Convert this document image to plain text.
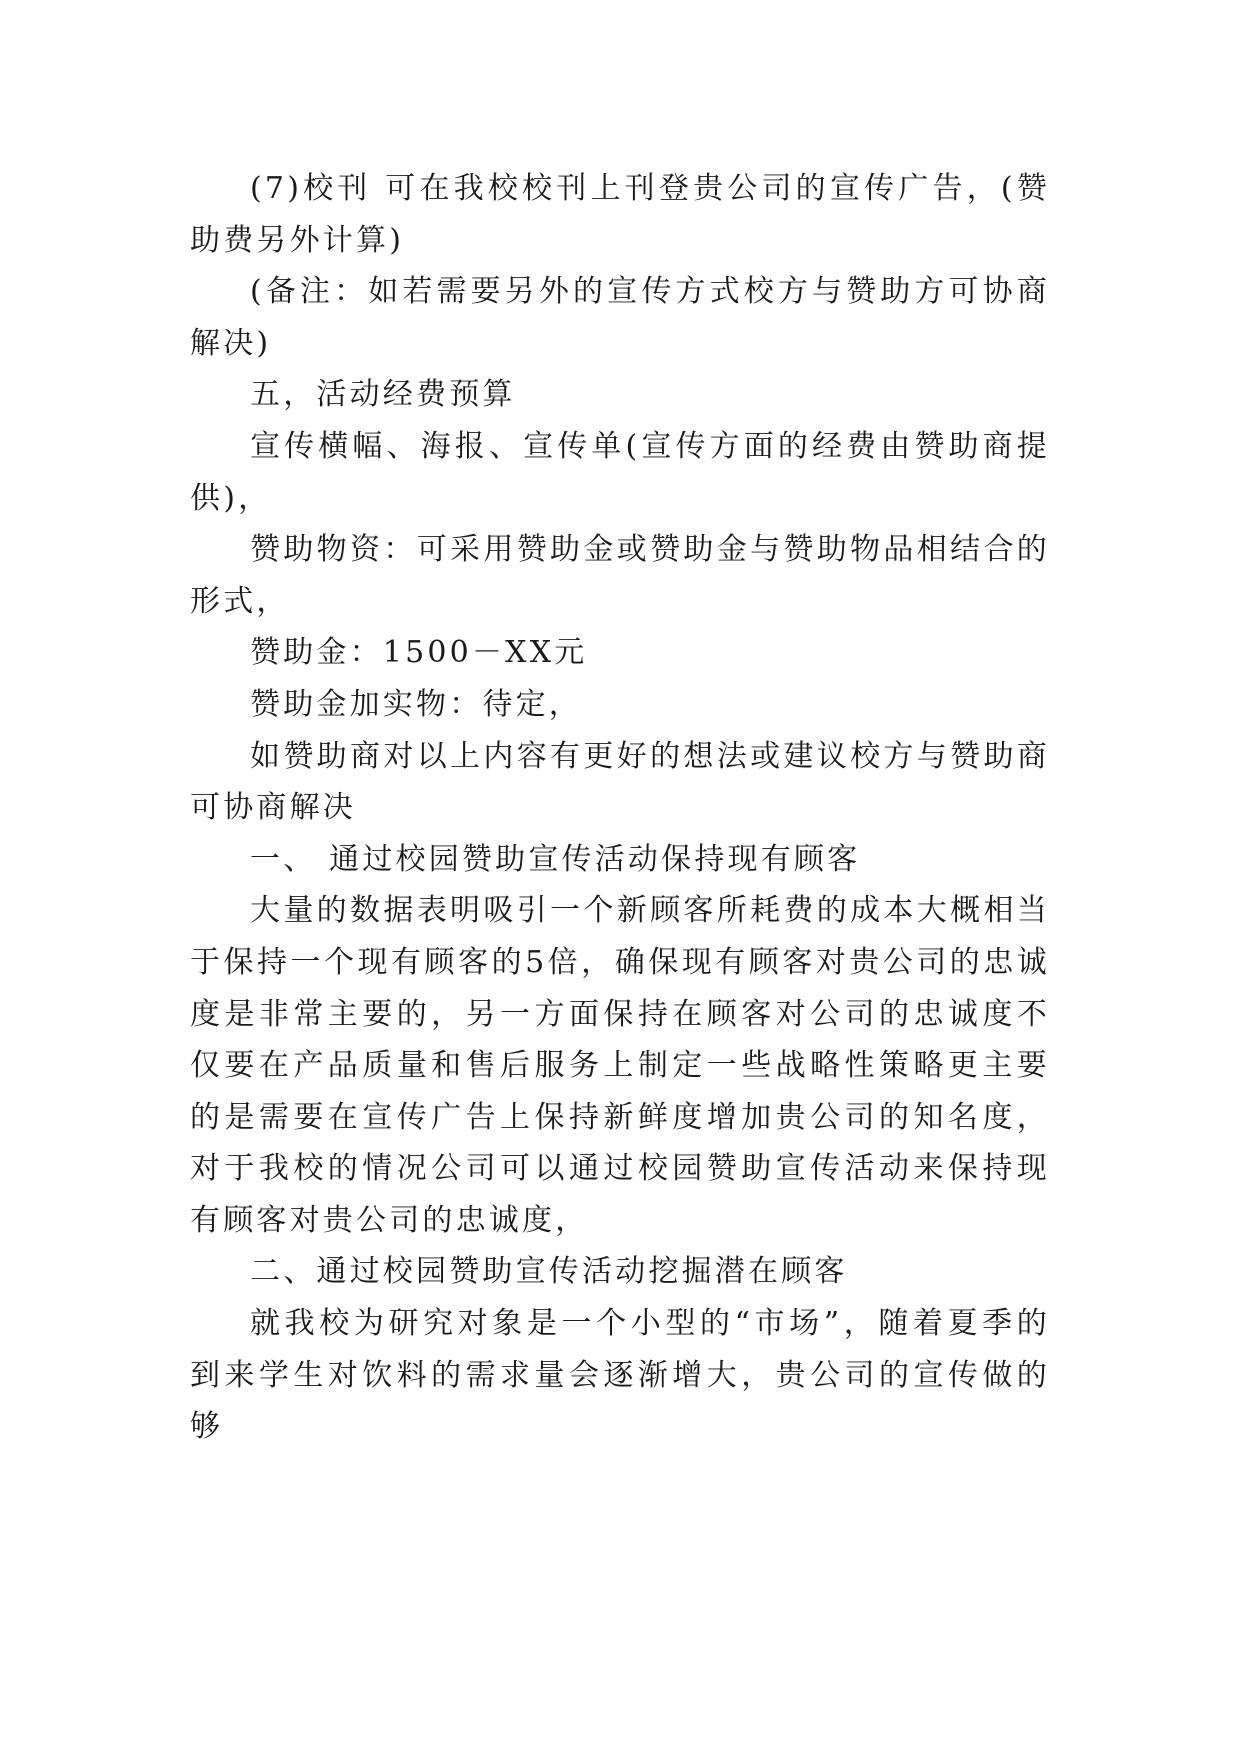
(7)校刊 可在我校校刊上刊登贵公司的宣传广告，(赞助费另外计算)

(备注：如若需要另外的宣传方式校方与赞助方可协商解决)

五，活动经费预算

宣传横幅、海报、宣传单(宣传方面的经费由赞助商提供)，

赞助物资：可采用赞助金或赞助金与赞助物品相结合的形式，

赞助金：1500－XX元

赞助金加实物：待定，

如赞助商对以上内容有更好的想法或建议校方与赞助商可协商解决

一、 通过校园赞助宣传活动保持现有顾客

大量的数据表明吸引一个新顾客所耗费的成本大概相当于保持一个现有顾客的5倍，确保现有顾客对贵公司的忠诚度是非常主要的，另一方面保持在顾客对公司的忠诚度不仅要在产品质量和售后服务上制定一些战略性策略更主要的是需要在宣传广告上保持新鲜度增加贵公司的知名度，对于我校的情况公司可以通过校园赞助宣传活动来保持现有顾客对贵公司的忠诚度，

二、通过校园赞助宣传活动挖掘潜在顾客

就我校为研究对象是一个小型的“市场”，随着夏季的到来学生对饮料的需求量会逐渐增大，贵公司的宣传做的够
